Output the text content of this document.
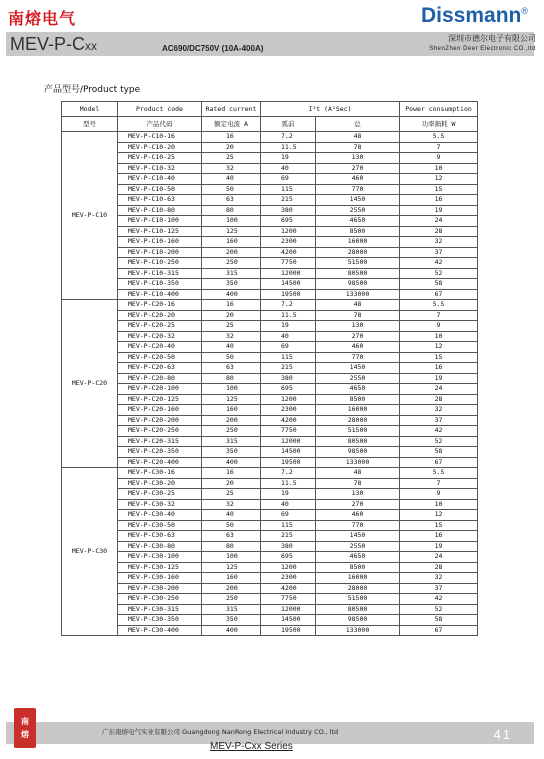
南熔电气	Dissmann®
MEV-P-Cxx	AC690/DC750V (10A-400A)
深圳市德尔电子有限公司
ShenZhen Deer Electronic CO.,ltd
产品型号/Product type
Model	Product code	Rated current	I²t (A²Sec)		Power consumption
型号	产品代码	额定电流 A	弧前	总	功率损耗 W
MEV-P-C10	MEV-P-C10-16	16	7.2	48	5.5
	MEV-P-C10-20	20	11.5	78	7
	MEV-P-C10-25	25	19	130	9
	MEV-P-C10-32	32	40	270	10
	MEV-P-C10-40	40	69	460	12
	MEV-P-C10-50	50	115	770	15
	MEV-P-C10-63	63	215	1450	16
	MEV-P-C10-80	80	380	2550	19
	MEV-P-C10-100	100	695	4650	24
	MEV-P-C10-125	125	1200	8500	28
	MEV-P-C10-160	160	2300	16000	32
	MEV-P-C10-200	200	4200	28000	37
	MEV-P-C10-250	250	7750	51500	42
	MEV-P-C10-315	315	12000	80500	52
	MEV-P-C10-350	350	14500	98500	58
	MEV-P-C10-400	400	19500	133000	67
MEV-P-C20	MEV-P-C20-16	16	7.2	48	5.5
	MEV-P-C20-20	20	11.5	78	7
	MEV-P-C20-25	25	19	130	9
	MEV-P-C20-32	32	40	270	10
	MEV-P-C20-40	40	69	460	12
	MEV-P-C20-50	50	115	770	15
	MEV-P-C20-63	63	215	1450	16
	MEV-P-C20-80	80	380	2550	19
	MEV-P-C20-100	100	695	4650	24
	MEV-P-C20-125	125	1200	8500	28
	MEV-P-C20-160	160	2300	16000	32
	MEV-P-C20-200	200	4200	28000	37
	MEV-P-C20-250	250	7750	51500	42
	MEV-P-C20-315	315	12000	80500	52
	MEV-P-C20-350	350	14500	98500	58
	MEV-P-C20-400	400	19500	133000	67
MEV-P-C30	MEV-P-C30-16	16	7.2	48	5.5
	MEV-P-C30-20	20	11.5	78	7
	MEV-P-C30-25	25	19	130	9
	MEV-P-C30-32	32	40	270	10
	MEV-P-C30-40	40	69	460	12
	MEV-P-C30-50	50	115	770	15
	MEV-P-C30-63	63	215	1450	16
	MEV-P-C30-80	80	380	2550	19
	MEV-P-C30-100	100	695	4650	24
	MEV-P-C30-125	125	1200	8500	28
	MEV-P-C30-160	160	2300	16000	32
	MEV-P-C30-200	200	4200	28000	37
	MEV-P-C30-250	250	7750	51500	42
	MEV-P-C30-315	315	12000	80500	52
	MEV-P-C30-350	350	14500	98500	58
	MEV-P-C30-400	400	19500	133000	67
南
熔	广东南熔电气实业有限公司 Guangdong NanRong Electrical Industry CO., ltd
MEV-P-Cxx Series
41
